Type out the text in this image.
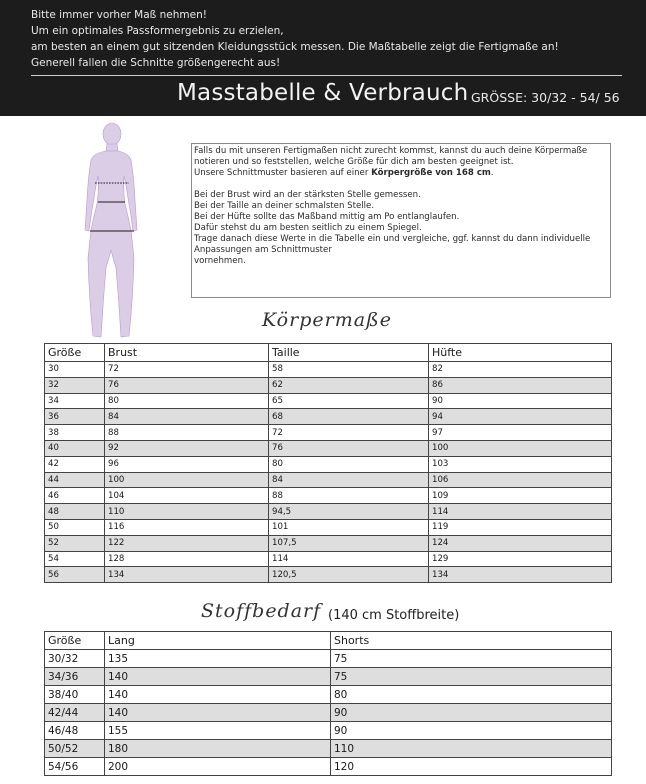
Bitte immer vorher Maß nehmen!
Um ein optimales Passformergebnis zu erzielen,
am besten an einem gut sitzenden Kleidungsstück messen. Die Maßtabelle zeigt die Fertigmaße an!
Generell fallen die Schnitte größengerecht aus!
Masstabelle & Verbrauch GRÖSSE: 30/32 - 54/ 56
Falls du mit unseren Fertigmaßen nicht zurecht kommst, kannst du auch deine Körpermaße
notieren und so feststellen, welche Größe für dich am besten geeignet ist.
Unsere Schnittmuster basieren auf einer Körpergröße von 168 cm.
Bei der Brust wird an der stärksten Stelle gemessen.
Bei der Taille an deiner schmalsten Stelle.
Bei der Hüfte sollte das Maßband mittig am Po entlanglaufen.
Dafür stehst du am besten seitlich zu einem Spiegel.
Trage danach diese Werte in die Tabelle ein und vergleiche, ggf. kannst du dann individuelle
Anpassungen am Schnittmuster
vornehmen.
Körpermaße
Größe	Brust	Taille	Hüfte
30	72	58	82
32	76	62	86
34	80	65	90
36	84	68	94
38	88	72	97
40	92	76	100
42	96	80	103
44	100	84	106
46	104	88	109
48	110	94,5	114
50	116	101	119
52	122	107,5	124
54	128	114	129
56	134	120,5	134
Stoffbedarf (140 cm Stoffbreite)
Größe	Lang	Shorts
30/32	135	75
34/36	140	75
38/40	140	80
42/44	140	90
46/48	155	90
50/52	180	110
54/56	200	120
